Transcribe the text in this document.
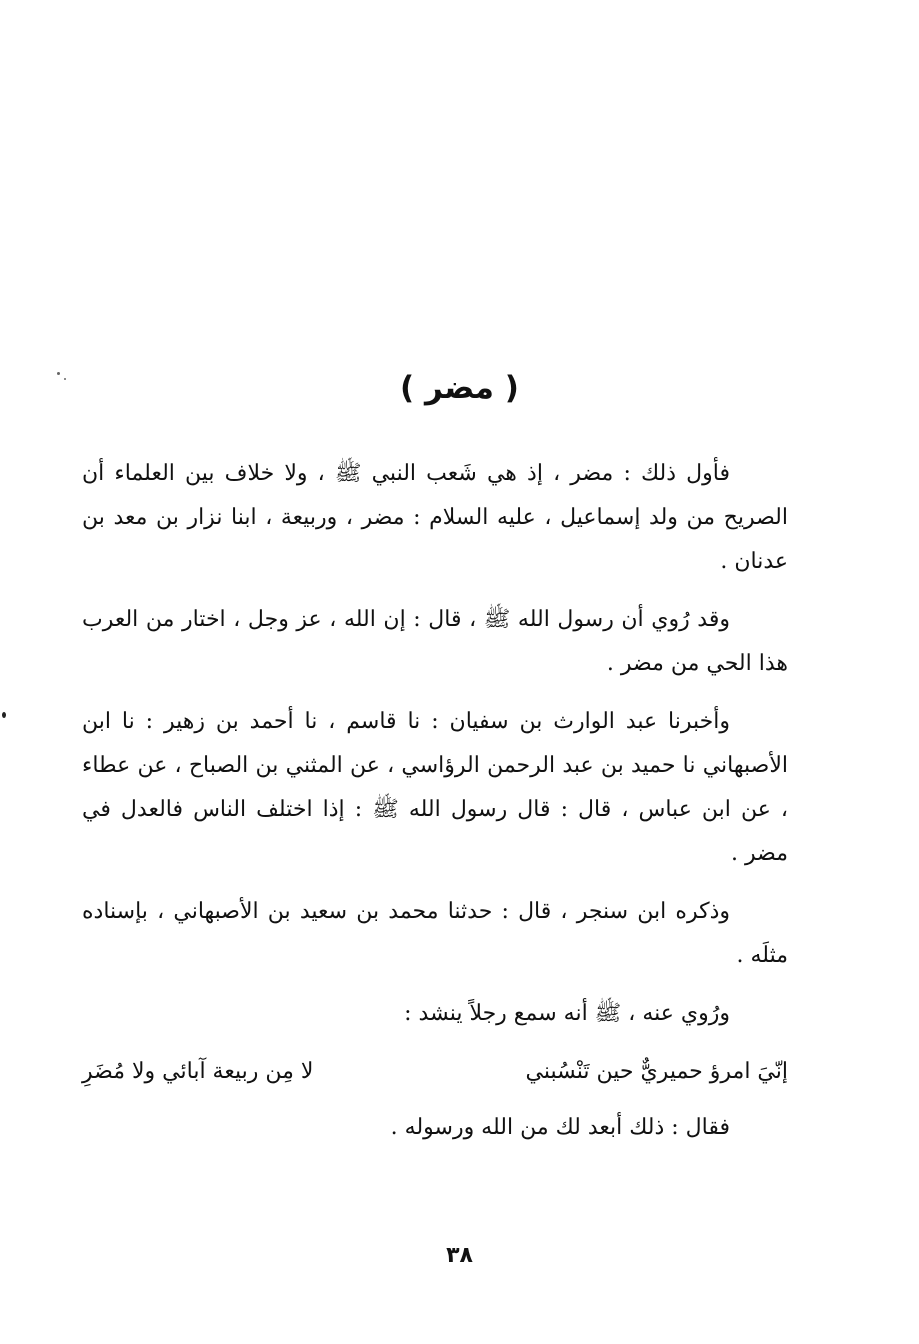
( مضر )

فأول ذلك : مضر ، إذ هي شَعب النبي ﷺ ، ولا خلاف بين العلماء أن الصريح من ولد إسماعيل ، عليه السلام : مضر ، وربيعة ، ابنا نزار بن معد بن عدنان .

وقد رُوي أن رسول الله ﷺ ، قال : إن الله ، عز وجل ، اختار من العرب هذا الحي من مضر .

وأخبرنا عبد الوارث بن سفيان : نا قاسم ، نا أحمد بن زهير : نا ابن الأصبهاني نا حميد بن عبد الرحمن الرؤاسي ، عن المثني بن الصباح ، عن عطاء ، عن ابن عباس ، قال : قال رسول الله ﷺ : إذا اختلف الناس فالعدل في مضر .

وذكره ابن سنجر ، قال : حدثنا محمد بن سعيد بن الأصبهاني ، بإسناده مثلَه .

ورُوي عنه ، ﷺ أنه سمع رجلاً ينشد :

إنّيَ امرؤ حميريٌّ حين تَنْسُبني
لا مِن ربيعة آبائي ولا مُضَرِ

فقال : ذلك أبعد لك من الله ورسوله .

٣٨
